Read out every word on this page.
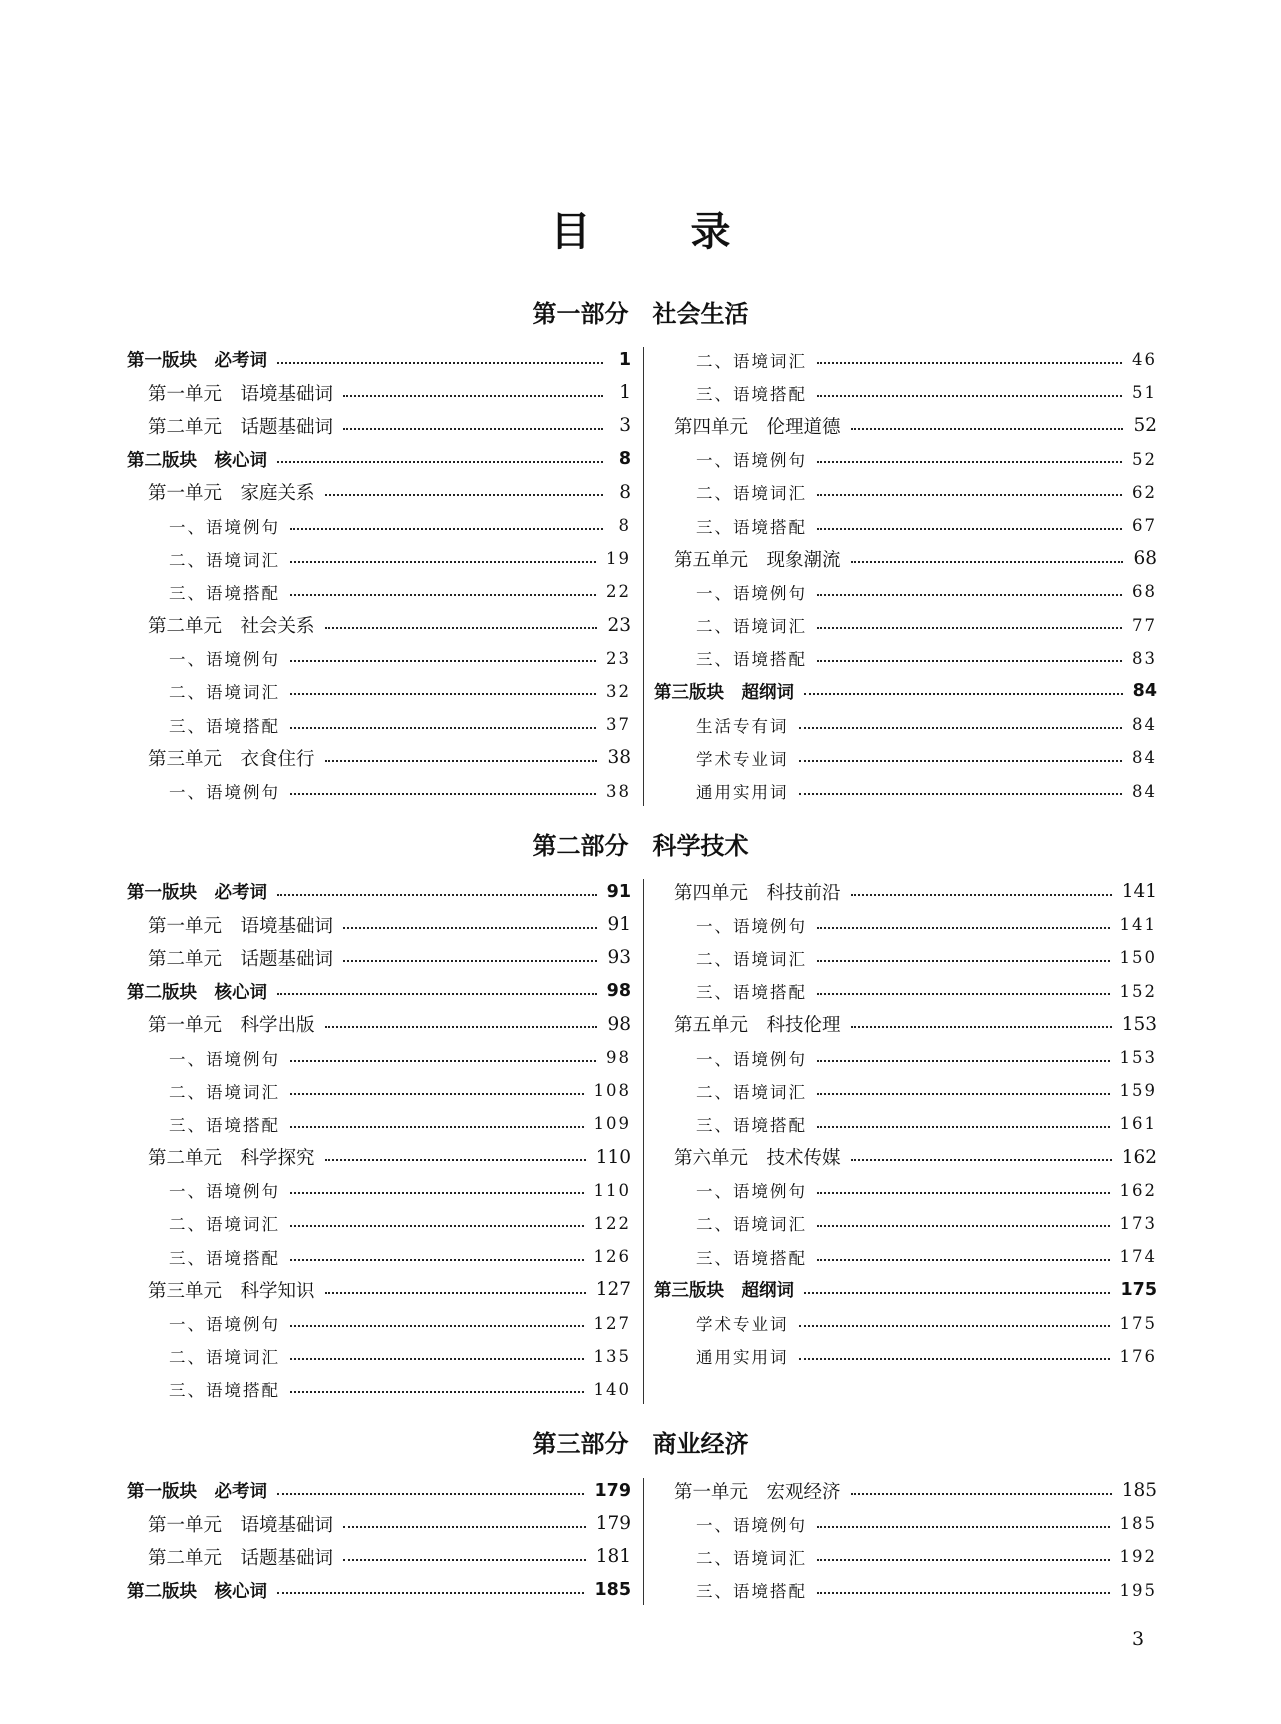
目　录
第一部分　社会生活
第一版块　必考词	1
第一单元　语境基础词	1
第二单元　话题基础词	3
第二版块　核心词	8
第一单元　家庭关系	8
一、语境例句	8
二、语境词汇	19
三、语境搭配	22
第二单元　社会关系	23
一、语境例句	23
二、语境词汇	32
三、语境搭配	37
第三单元　衣食住行	38
一、语境例句	38
二、语境词汇	46
三、语境搭配	51
第四单元　伦理道德	52
一、语境例句	52
二、语境词汇	62
三、语境搭配	67
第五单元　现象潮流	68
一、语境例句	68
二、语境词汇	77
三、语境搭配	83
第三版块　超纲词	84
生活专有词	84
学术专业词	84
通用实用词	84
第二部分　科学技术
第一版块　必考词	91
第一单元　语境基础词	91
第二单元　话题基础词	93
第二版块　核心词	98
第一单元　科学出版	98
一、语境例句	98
二、语境词汇	108
三、语境搭配	109
第二单元　科学探究	110
一、语境例句	110
二、语境词汇	122
三、语境搭配	126
第三单元　科学知识	127
一、语境例句	127
二、语境词汇	135
三、语境搭配	140
第四单元　科技前沿	141
一、语境例句	141
二、语境词汇	150
三、语境搭配	152
第五单元　科技伦理	153
一、语境例句	153
二、语境词汇	159
三、语境搭配	161
第六单元　技术传媒	162
一、语境例句	162
二、语境词汇	173
三、语境搭配	174
第三版块　超纲词	175
学术专业词	175
通用实用词	176
第三部分　商业经济
第一版块　必考词	179
第一单元　语境基础词	179
第二单元　话题基础词	181
第二版块　核心词	185
第一单元　宏观经济	185
一、语境例句	185
二、语境词汇	192
三、语境搭配	195
3
